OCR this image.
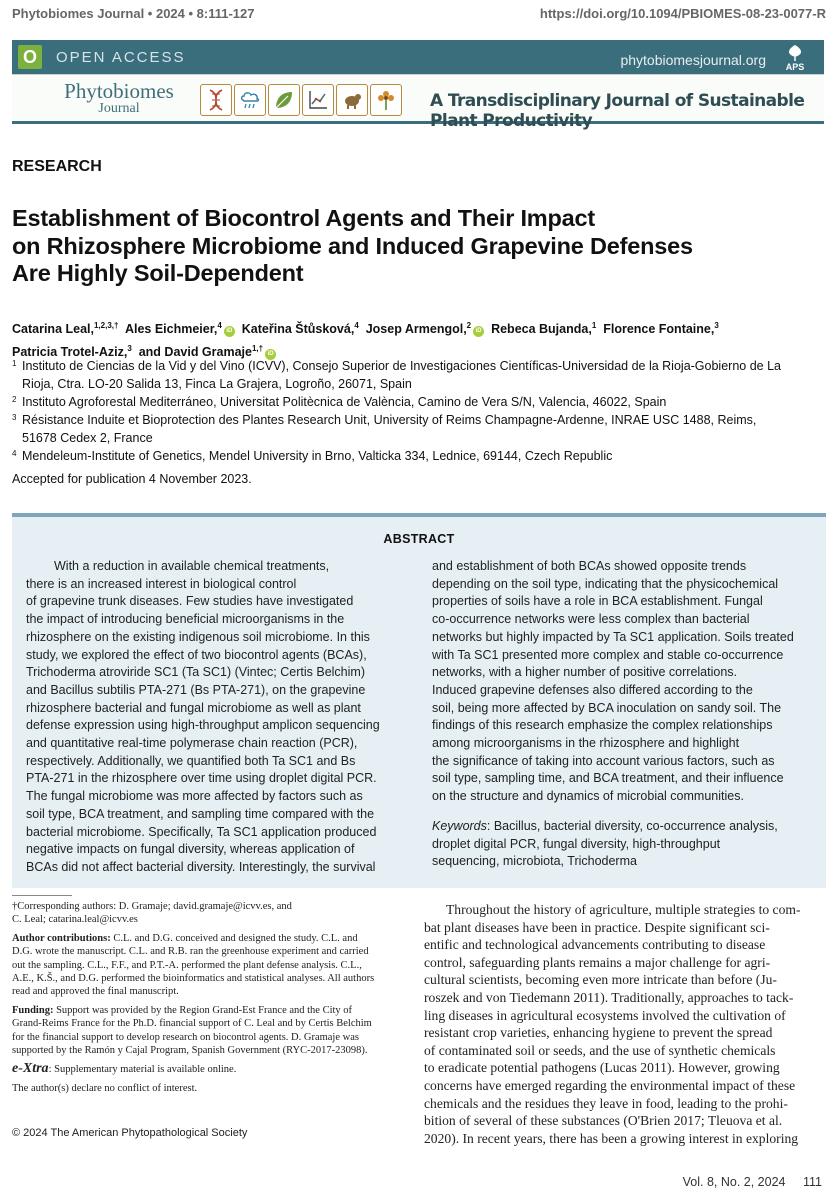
Phytobiomes Journal • 2024 • 8:111-127	https://doi.org/10.1094/PBIOMES-08-23-0077-R
O	OPEN ACCESS	phytobiomesjournal.org APS
Phytobiomes
Journal	A Transdisciplinary Journal of Sustainable Plant Productivity
RESEARCH
Establishment of Biocontrol Agents and Their Impact
on Rhizosphere Microbiome and Induced Grapevine Defenses
Are Highly Soil-Dependent
Catarina Leal,$^{1,2,3,\dagger}$ Ales Eichmeier,$^4$iD Kateřina Štůsková,$^4$ Josep Armengol,$^2$iD Rebeca Bujanda,$^1$ Florence Fontaine,$^3$
Patricia Trotel-Aziz,$^3$ and David Gramaje$^{1,\dagger}$iD
1 Instituto de Ciencias de la Vid y del Vino (ICVV), Consejo Superior de Investigaciones Científicas-Universidad de la Rioja-Gobierno de La
Rioja, Ctra. LO-20 Salida 13, Finca La Grajera, Logroño, 26071, Spain
2 Instituto Agroforestal Mediterráneo, Universitat Politècnica de València, Camino de Vera S/N, Valencia, 46022, Spain
3 Résistance Induite et Bioprotection des Plantes Research Unit, University of Reims Champagne-Ardenne, INRAE USC 1488, Reims,
51678 Cedex 2, France
4 Mendeleum-Institute of Genetics, Mendel University in Brno, Valticka 334, Lednice, 69144, Czech Republic
Accepted for publication 4 November 2023.
ABSTRACT
With a reduction in available chemical treatments,
there is an increased interest in biological control
of grapevine trunk diseases. Few studies have investigated
the impact of introducing beneficial microorganisms in the
rhizosphere on the existing indigenous soil microbiome. In this
study, we explored the effect of two biocontrol agents (BCAs),
Trichoderma atroviride SC1 (Ta SC1) (Vintec; Certis Belchim)
and Bacillus subtilis PTA-271 (Bs PTA-271), on the grapevine
rhizosphere bacterial and fungal microbiome as well as plant
defense expression using high-throughput amplicon sequencing
and quantitative real-time polymerase chain reaction (PCR),
respectively. Additionally, we quantified both Ta SC1 and Bs
PTA-271 in the rhizosphere over time using droplet digital PCR.
The fungal microbiome was more affected by factors such as
soil type, BCA treatment, and sampling time compared with the
bacterial microbiome. Specifically, Ta SC1 application produced
negative impacts on fungal diversity, whereas application of
BCAs did not affect bacterial diversity. Interestingly, the survival
and establishment of both BCAs showed opposite trends
depending on the soil type, indicating that the physicochemical
properties of soils have a role in BCA establishment. Fungal
co-occurrence networks were less complex than bacterial
networks but highly impacted by Ta SC1 application. Soils treated
with Ta SC1 presented more complex and stable co-occurrence
networks, with a higher number of positive correlations.
Induced grapevine defenses also differed according to the
soil, being more affected by BCA inoculation on sandy soil. The
findings of this research emphasize the complex relationships
among microorganisms in the rhizosphere and highlight
the significance of taking into account various factors, such as
soil type, sampling time, and BCA treatment, and their influence
on the structure and dynamics of microbial communities.
Keywords: Bacillus, bacterial diversity, co-occurrence analysis,
droplet digital PCR, fungal diversity, high-throughput
sequencing, microbiota, Trichoderma
†Corresponding authors: D. Gramaje; david.gramaje@icvv.es, and
C. Leal; catarina.leal@icvv.es
Author contributions: C.L. and D.G. conceived and designed the study. C.L. and
D.G. wrote the manuscript. C.L. and R.B. ran the greenhouse experiment and carried
out the sampling. C.L., F.F., and P.T.-A. performed the plant defense analysis. C.L.,
A.E., K.Š., and D.G. performed the bioinformatics and statistical analyses. All authors
read and approved the final manuscript.
Funding: Support was provided by the Region Grand-Est France and the City of
Grand-Reims France for the Ph.D. financial support of C. Leal and by Certis Belchim
for the financial support to develop research on biocontrol agents. D. Gramaje was
supported by the Ramón y Cajal Program, Spanish Government (RYC-2017-23098).
e-Xtra: Supplementary material is available online.
The author(s) declare no conflict of interest.
© 2024 The American Phytopathological Society
Throughout the history of agriculture, multiple strategies to com-
bat plant diseases have been in practice. Despite significant sci-
entific and technological advancements contributing to disease
control, safeguarding plants remains a major challenge for agri-
cultural scientists, becoming even more intricate than before (Ju-
roszek and von Tiedemann 2011). Traditionally, approaches to tack-
ling diseases in agricultural ecosystems involved the cultivation of
resistant crop varieties, enhancing hygiene to prevent the spread
of contaminated soil or seeds, and the use of synthetic chemicals
to eradicate potential pathogens (Lucas 2011). However, growing
concerns have emerged regarding the environmental impact of these
chemicals and the residues they leave in food, leading to the prohi-
bition of several of these substances (O'Brien 2017; Tleuova et al.
2020). In recent years, there has been a growing interest in exploring
Vol. 8, No. 2, 2024 111
